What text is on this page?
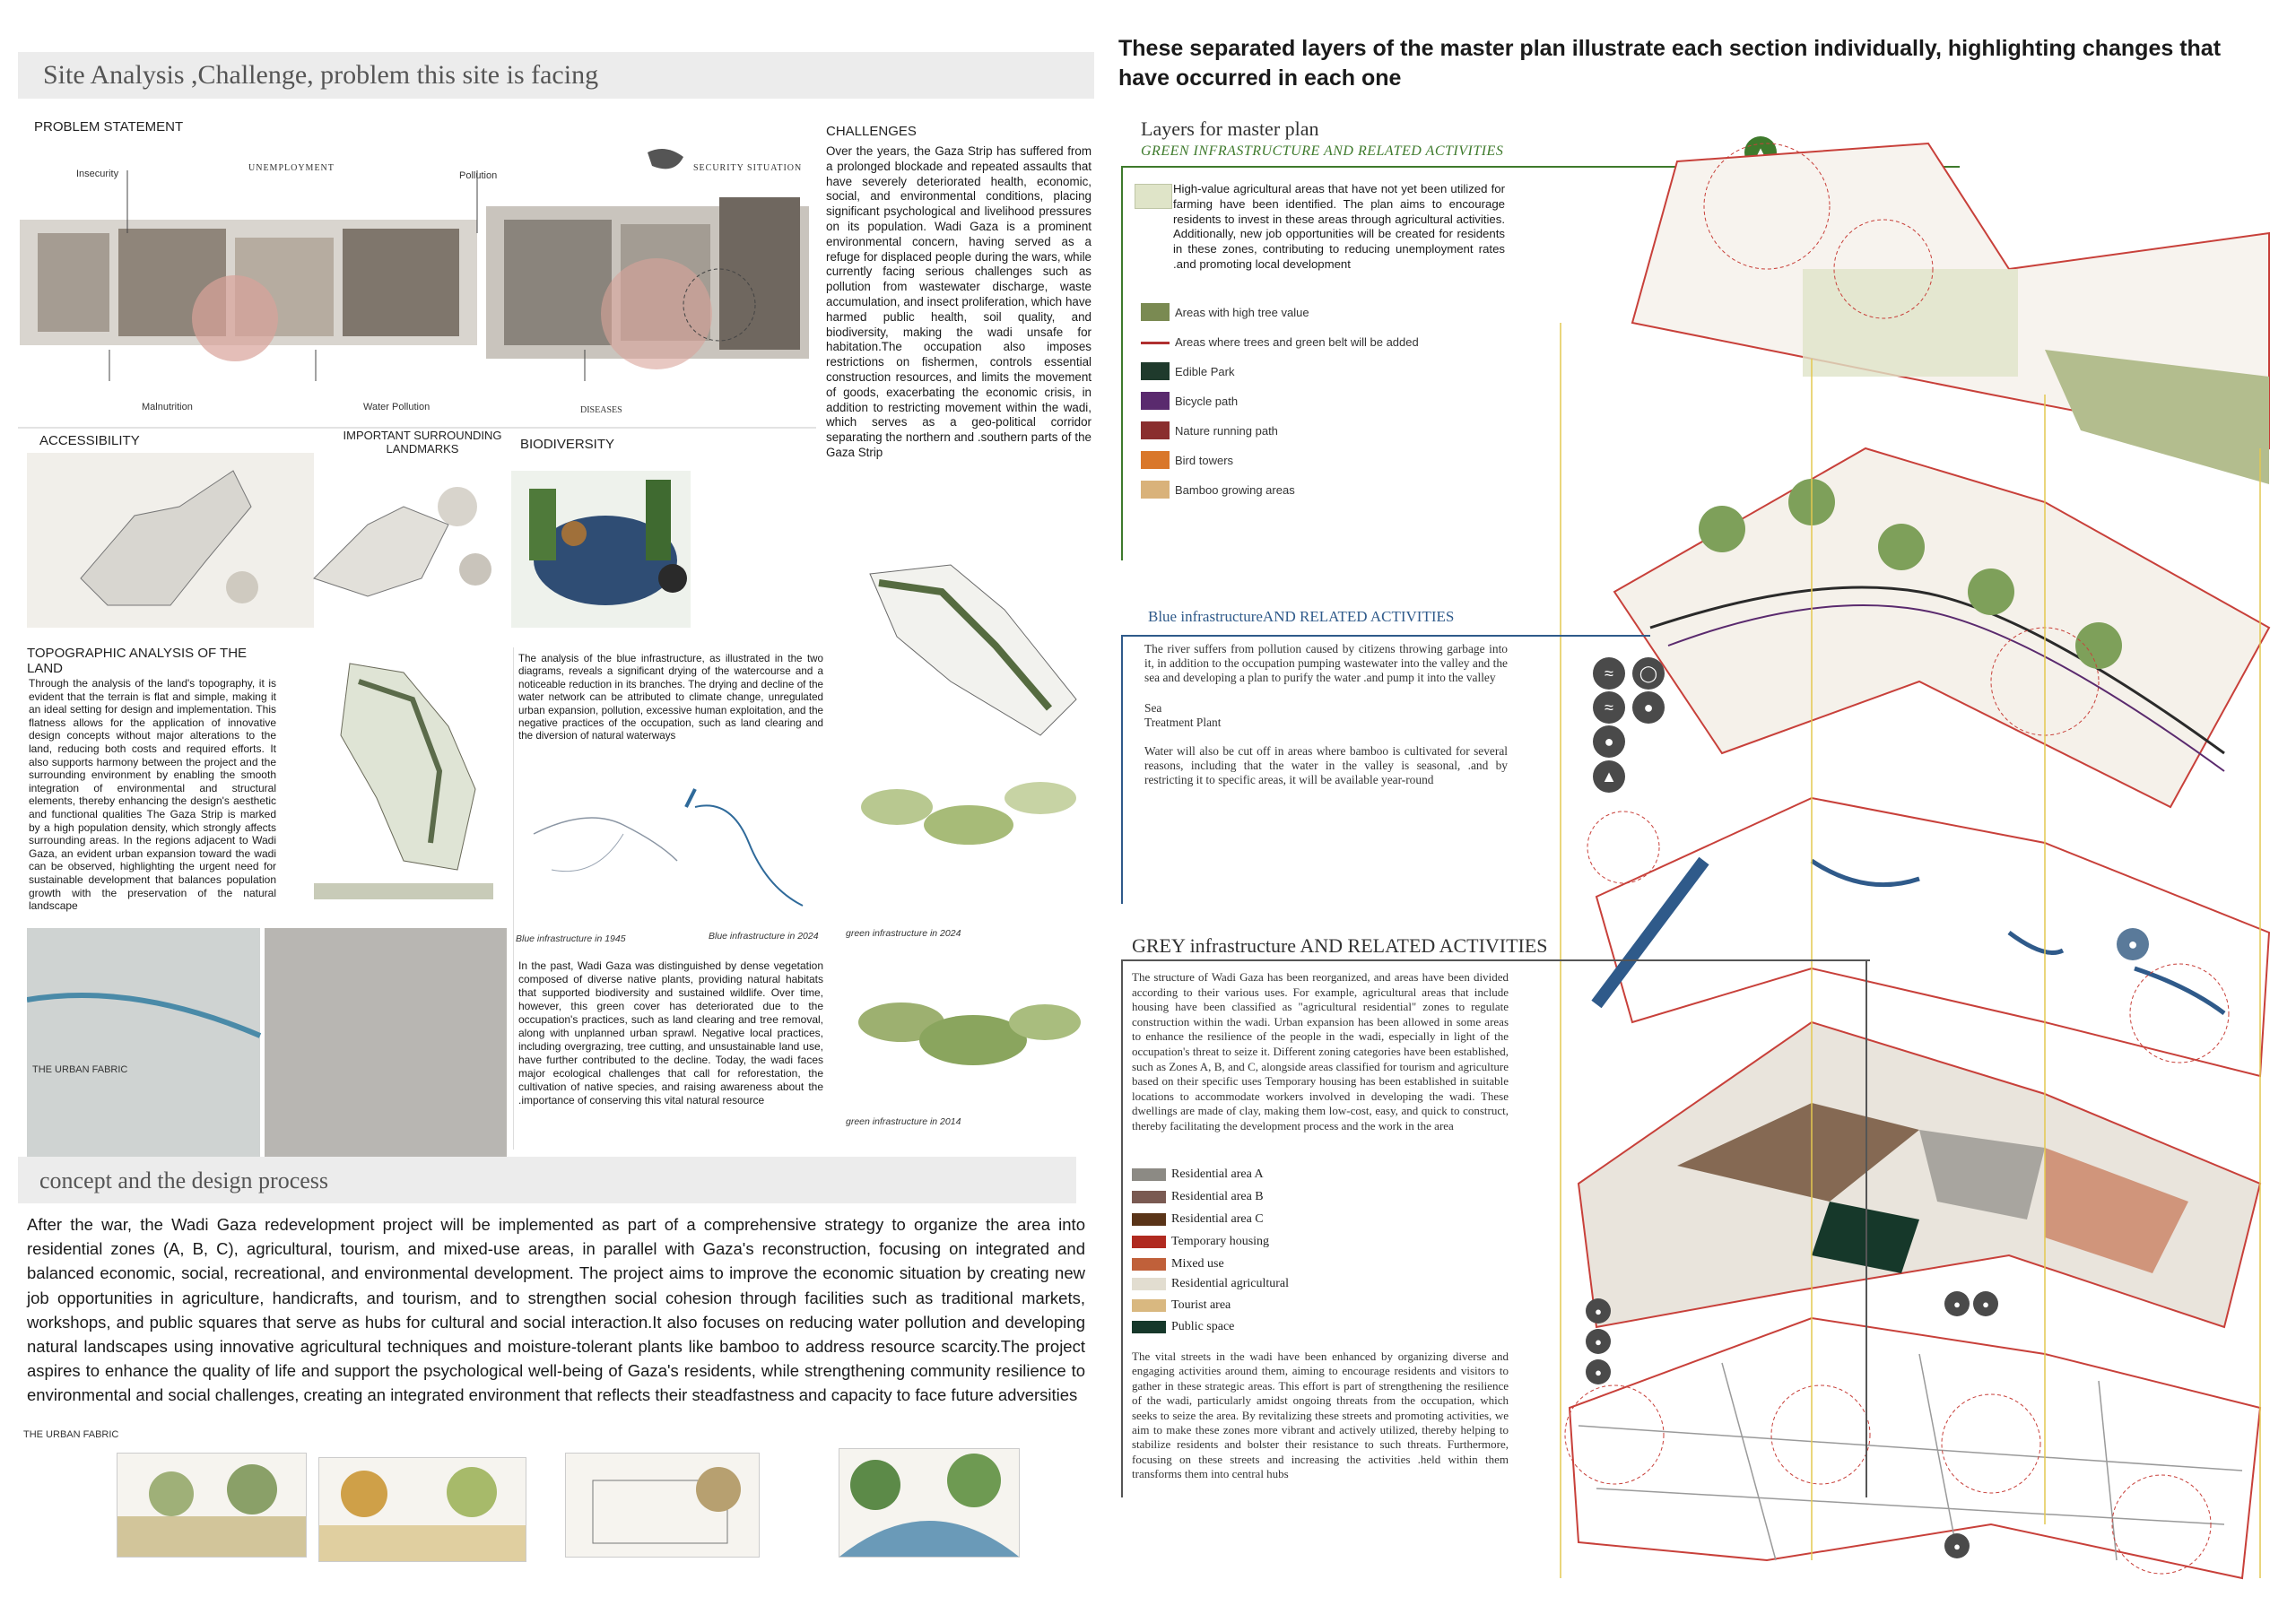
Site Analysis ,Challenge, problem this site is facing
PROBLEM STATEMENT
Insecurity
UNEMPLOYMENT
Pollution
SECURITY SITUATION
Malnutrition	Water Pollution	DISEASES
CHALLENGES
Over the years, the Gaza Strip has suffered from a prolonged blockade and repeated assaults that have severely deteriorated health, economic, social, and environmental conditions, placing significant psychological and livelihood pressures on its population. Wadi Gaza is a prominent environmental concern, having served as a refuge for displaced people during the wars, while currently facing serious challenges such as pollution from wastewater discharge, waste accumulation, and insect proliferation, which have harmed public health, soil quality, and biodiversity, making the wadi unsafe for habitation.The occupation also imposes restrictions on fishermen, controls essential construction resources, and limits the movement of goods, exacerbating the economic crisis, in addition to restricting movement within the wadi, which serves as a geo-political corridor separating the northern and .southern parts of the Gaza Strip
ACCESSIBILITY	IMPORTANT SURROUNDING LANDMARKS	BIODIVERSITY
TOPOGRAPHIC ANALYSIS OF THE LAND
Through the analysis of the land's topography, it is evident that the terrain is flat and simple, making it an ideal setting for design and implementation. This flatness allows for the application of innovative design concepts without major alterations to the land, reducing both costs and required efforts. It also supports harmony between the project and the surrounding environment by enabling the smooth integration of environmental and structural elements, thereby enhancing the design's aesthetic and functional qualities The Gaza Strip is marked by a high population density, which strongly affects surrounding areas. In the regions adjacent to Wadi Gaza, an evident urban expansion toward the wadi can be observed, highlighting the urgent need for sustainable development that balances population growth with the preservation of the natural landscape
The analysis of the blue infrastructure, as illustrated in the two diagrams, reveals a significant drying of the watercourse and a noticeable reduction in its branches. The drying and decline of the water network can be attributed to climate change, unregulated urban expansion, pollution, excessive human exploitation, and the negative practices of the occupation, such as land clearing and the diversion of natural waterways
Blue infrastructure in 1945	Blue infrastructure in 2024	green infrastructure in 2024
In the past, Wadi Gaza was distinguished by dense vegetation composed of diverse native plants, providing natural habitats that supported biodiversity and sustained wildlife. Over time, however, this green cover has deteriorated due to the occupation's practices, such as land clearing and tree removal, along with unplanned urban sprawl. Negative local practices, including overgrazing, tree cutting, and unsustainable land use, have further contributed to the decline. Today, the wadi faces major ecological challenges that call for reforestation, the cultivation of native species, and raising awareness about the .importance of conserving this vital natural resource
green infrastructure in 2014
THE URBAN FABRIC
concept and the design process
After the war, the Wadi Gaza redevelopment project will be implemented as part of a comprehensive strategy to organize the area into residential zones (A, B, C), agricultural, tourism, and mixed-use areas, in parallel with Gaza's reconstruction, focusing on integrated and balanced economic, social, recreational, and environmental development. The project aims to improve the economic situation by creating new job opportunities in agriculture, handicrafts, and tourism, and to strengthen social cohesion through facilities such as traditional markets, workshops, and public squares that serve as hubs for cultural and social interaction.It also focuses on reducing water pollution and developing natural landscapes using innovative agricultural techniques and moisture-tolerant plants like bamboo to address resource scarcity.The project aspires to enhance the quality of life and support the psychological well-being of Gaza's residents, while strengthening community resilience to environmental and social challenges, creating an integrated environment that reflects their steadfastness and capacity to face future adversities
THE URBAN FABRIC
These separated layers of the master plan illustrate each section individually, highlighting changes that have occurred in each one
Layers for master plan
GREEN INFRASTRUCTURE AND RELATED ACTIVITIES
High-value agricultural areas that have not yet been utilized for farming have been identified. The plan aims to encourage residents to invest in these areas through agricultural activities. Additionally, new job opportunities will be created for residents in these zones, contributing to reducing unemployment rates .and promoting local development
Areas with high tree value
Areas where trees and green belt will be added
Edible Park
Bicycle path
Nature running path
Bird towers
Bamboo growing areas
▲
Blue infrastructureAND RELATED ACTIVITIES
The river suffers from pollution caused by citizens throwing garbage into it, in addition to the occupation pumping wastewater into the valley and the sea and developing a plan to purify the water .and pump it into the valley
Sea
Treatment Plant
Water will also be cut off in areas where bamboo is cultivated for several reasons, including that the water in the valley is seasonal, .and by restricting it to specific areas, it will be available year-round
≈	◯
≈	●
●
▲
●
GREY infrastructure AND RELATED ACTIVITIES
The structure of Wadi Gaza has been reorganized, and areas have been divided according to their various uses. For example, agricultural areas that include housing have been classified as "agricultural residential" zones to regulate construction within the wadi. Urban expansion has been allowed in some areas to enhance the resilience of the people in the wadi, especially in light of the occupation's threat to seize it. Different zoning categories have been established, such as Zones A, B, and C, alongside areas classified for tourism and agriculture based on their specific uses Temporary housing has been established in suitable locations to accommodate workers involved in developing the wadi. These dwellings are made of clay, making them low-cost, easy, and quick to construct, thereby facilitating the development process and the work in the area
Residential area A
Residential area B
Residential area C
Temporary housing
Mixed use
Residential agricultural
Tourist area
Public space
The vital streets in the wadi have been enhanced by organizing diverse and engaging activities around them, aiming to encourage residents and visitors to gather in these strategic areas. This effort is part of strengthening the resilience of the wadi, particularly amidst ongoing threats from the occupation, which seeks to seize the area. By revitalizing these streets and promoting activities, we aim to make these zones more vibrant and actively utilized, thereby helping to stabilize residents and bolster their resistance to such threats. Furthermore, focusing on these streets and increasing the activities .held within them transforms them into central hubs
●
●
●
●	●
●
